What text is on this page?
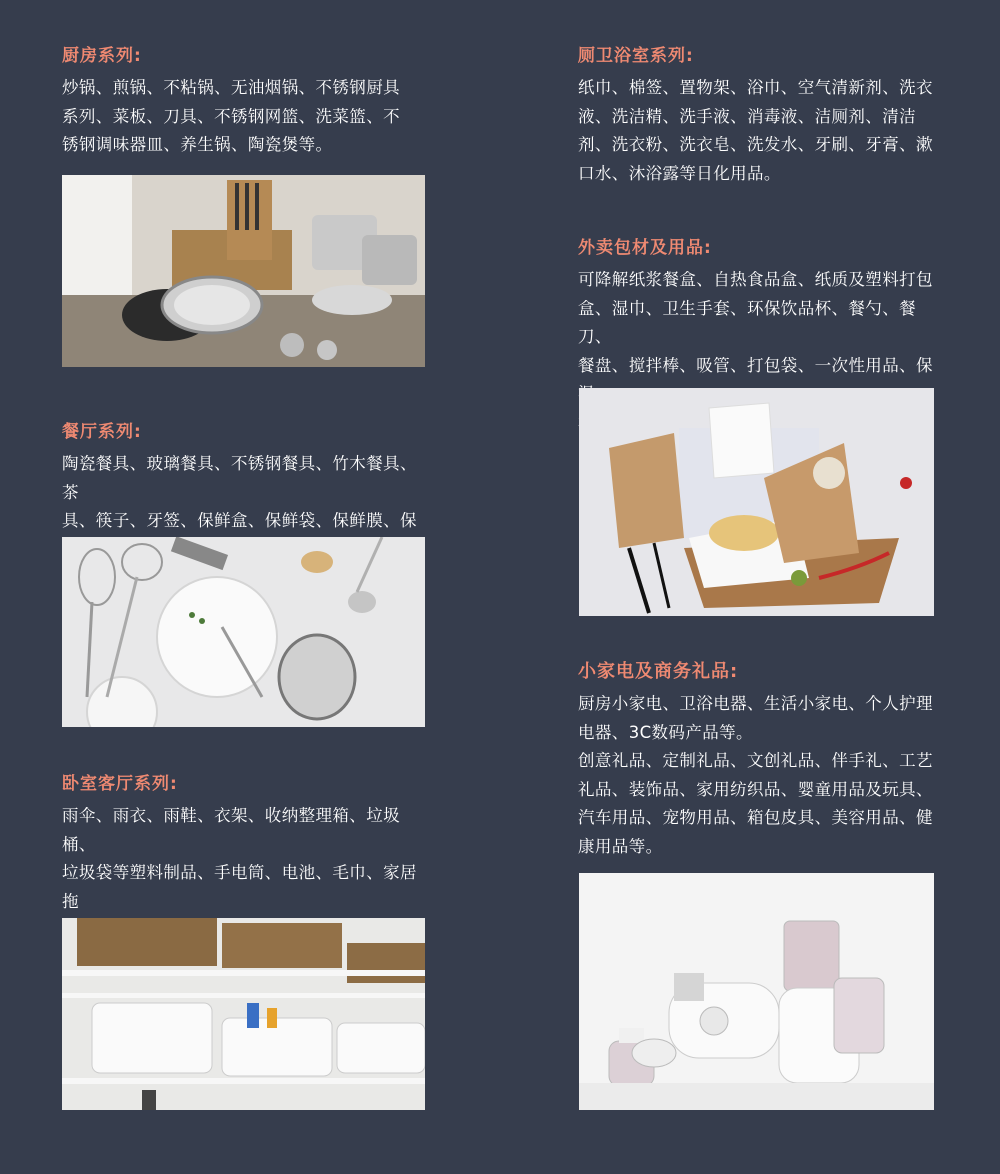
厨房系列:

炒锅、煎锅、不粘锅、无油烟锅、不锈钢厨具
系列、菜板、刀具、不锈钢网篮、洗菜篮、不
锈钢调味器皿、养生锅、陶瓷煲等。

餐厅系列:

陶瓷餐具、玻璃餐具、不锈钢餐具、竹木餐具、茶
具、筷子、牙签、保鲜盒、保鲜袋、保鲜膜、保

卧室客厅系列:

雨伞、雨衣、雨鞋、衣架、收纳整理箱、垃圾桶、
垃圾袋等塑料制品、手电筒、电池、毛巾、家居拖

厕卫浴室系列:

纸巾、棉签、置物架、浴巾、空气清新剂、洗衣
液、洗洁精、洗手液、消毒液、洁厕剂、清洁
剂、洗衣粉、洗衣皂、洗发水、牙刷、牙膏、漱
口水、沐浴露等日化用品。

外卖包材及用品:

可降解纸浆餐盒、自热食品盒、纸质及塑料打包
盒、湿巾、卫生手套、环保饮品杯、餐勺、餐刀、
餐盘、搅拌棒、吸管、打包袋、一次性用品、保

小家电及商务礼品:

厨房小家电、卫浴电器、生活小家电、个人护理
电器、3C数码产品等。
创意礼品、定制礼品、文创礼品、伴手礼、工艺
礼品、装饰品、家用纺织品、婴童用品及玩具、
汽车用品、宠物用品、箱包皮具、美容用品、健
康用品等。
